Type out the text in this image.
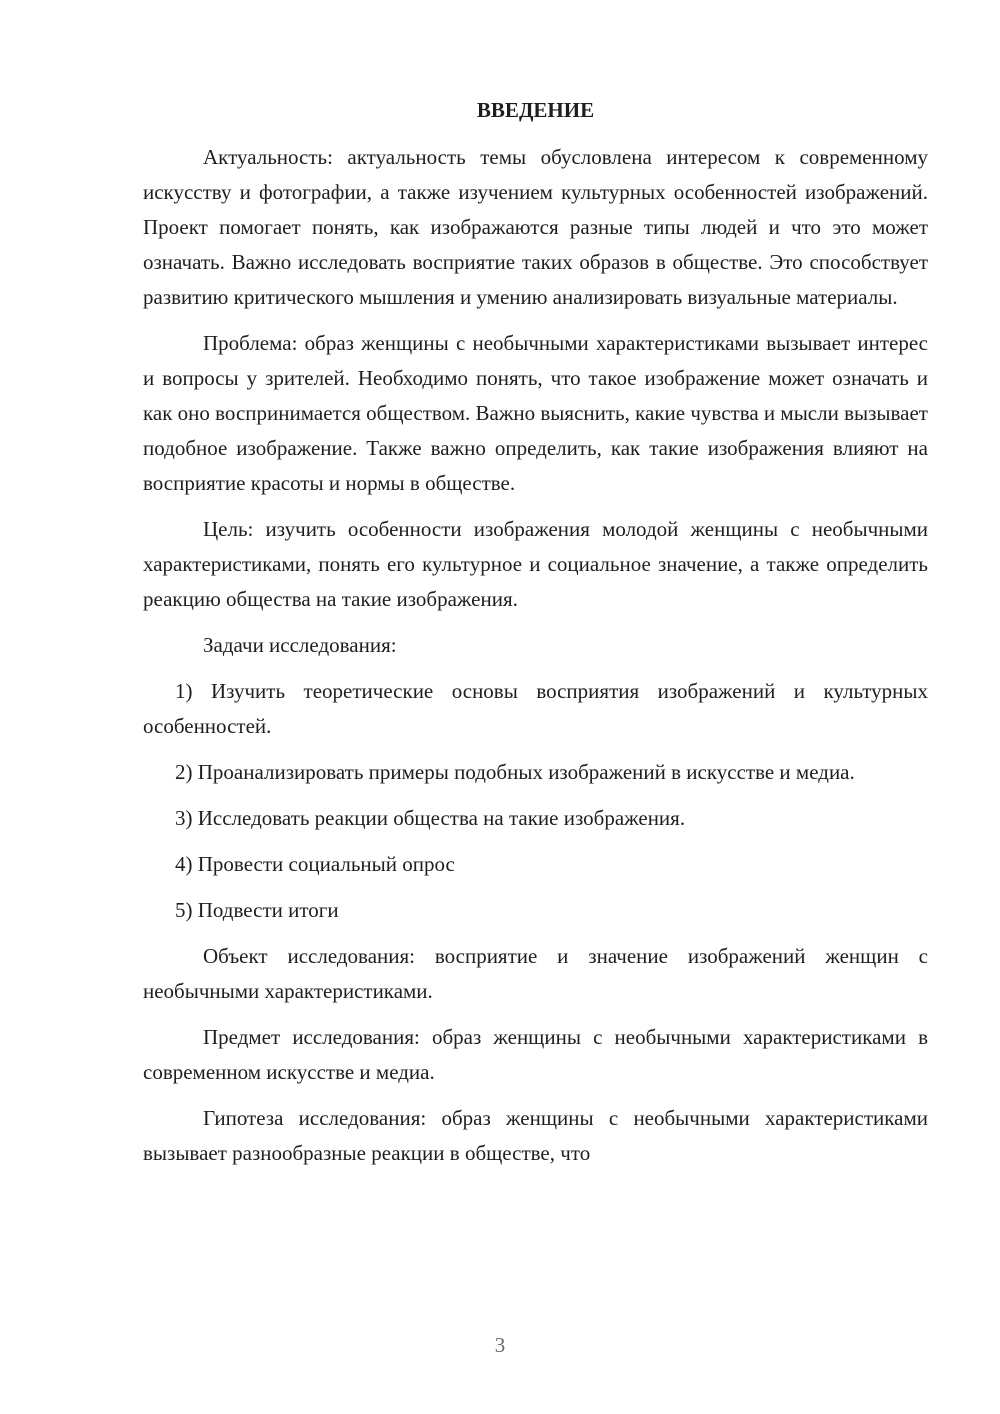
ВВЕДЕНИЕ

Актуальность: актуальность темы обусловлена интересом к современному искусству и фотографии, а также изучением культурных особенностей изображений. Проект помогает понять, как изображаются разные типы людей и что это может означать. Важно исследовать восприятие таких образов в обществе. Это способствует развитию критического мышления и умению анализировать визуальные материалы.

Проблема: образ женщины с необычными характеристиками вызывает интерес и вопросы у зрителей. Необходимо понять, что такое изображение может означать и как оно воспринимается обществом. Важно выяснить, какие чувства и мысли вызывает подобное изображение. Также важно определить, как такие изображения влияют на восприятие красоты и нормы в обществе.

Цель: изучить особенности изображения молодой женщины с необычными характеристиками, понять его культурное и социальное значение, а также определить реакцию общества на такие изображения.

Задачи исследования:

1) Изучить теоретические основы восприятия изображений и культурных особенностей.

2) Проанализировать примеры подобных изображений в искусстве и медиа.

3) Исследовать реакции общества на такие изображения.

4) Провести социальный опрос

5) Подвести итоги

Объект исследования: восприятие и значение изображений женщин с необычными характеристиками.

Предмет исследования: образ женщины с необычными характеристиками в современном искусстве и медиа.

Гипотеза исследования: образ женщины с необычными характеристиками вызывает разнообразные реакции в обществе, что

3
